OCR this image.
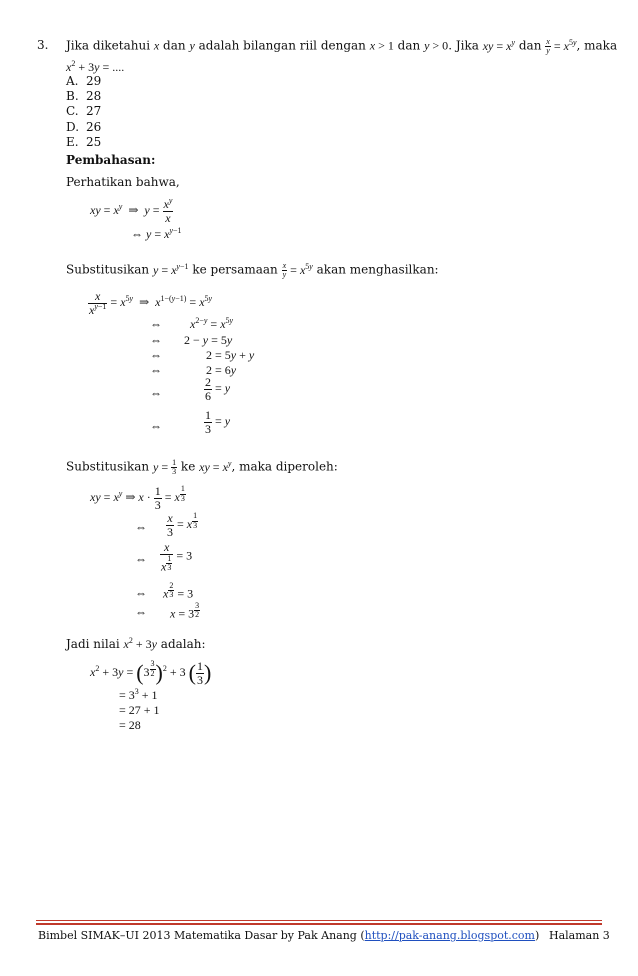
3. Jika diketahui x dan y adalah bilangan riil dengan x > 1 dan y > 0. Jika xy = $x^y$ dan $\frac{x}{y} = x^{5y}$, maka
$x^2 + 3y$ = ....
A. 29
B. 28
C. 27
D. 26
E. 25
Pembahasan:
Perhatikan bahwa,
xy = $x^y$  ⇒  $y = \frac{x^y}{x}$
⇔ $y = x^{y-1}$
Substitusikan $y = x^{y-1}$ ke persamaan $\frac{x}{y} = x^{5y}$ akan menghasilkan:
$\frac{x}{x^{y-1}} = x^{5y}$  ⇒  $x^{1-(y-1)} = x^{5y}$
⇔ $x^{2-y} = x^{5y}$
⇔ 2 − y = 5y
⇔	2 = 5y + y
⇔	2 = 6y
⇔	$\frac{2}{6} = y$
⇔	$\frac{1}{3} = y$
Substitusikan $y = \frac{1}{3}$ ke xy = $x^y$, maka diperoleh:
xy = $x^y$ ⇒ $x \cdot \frac{1}{3} = x$ $^{\frac{1}{3}}$
⇔ $\frac{x}{3} = x$ $^{\frac{1}{3}}$
⇔ x
x $^{\frac{1}{3}}$ = 3
⇔ x $^{\frac{2}{3}}$ = 3
⇔ x = 3 $^{\frac{3}{2}}$
Jadi nilai $x^2 + 3y$ adalah:
$x^2 + 3y = (3$ $^{\frac{3}{2}}$ )$^2$ + 3 ( $\frac{1}{3}$ )
= $3^3 + 1$
= 27 + 1
= 28
Bimbel SIMAK–UI 2013 Matematika Dasar by Pak Anang (http://pak-anang.blogspot.com) Halaman 3
